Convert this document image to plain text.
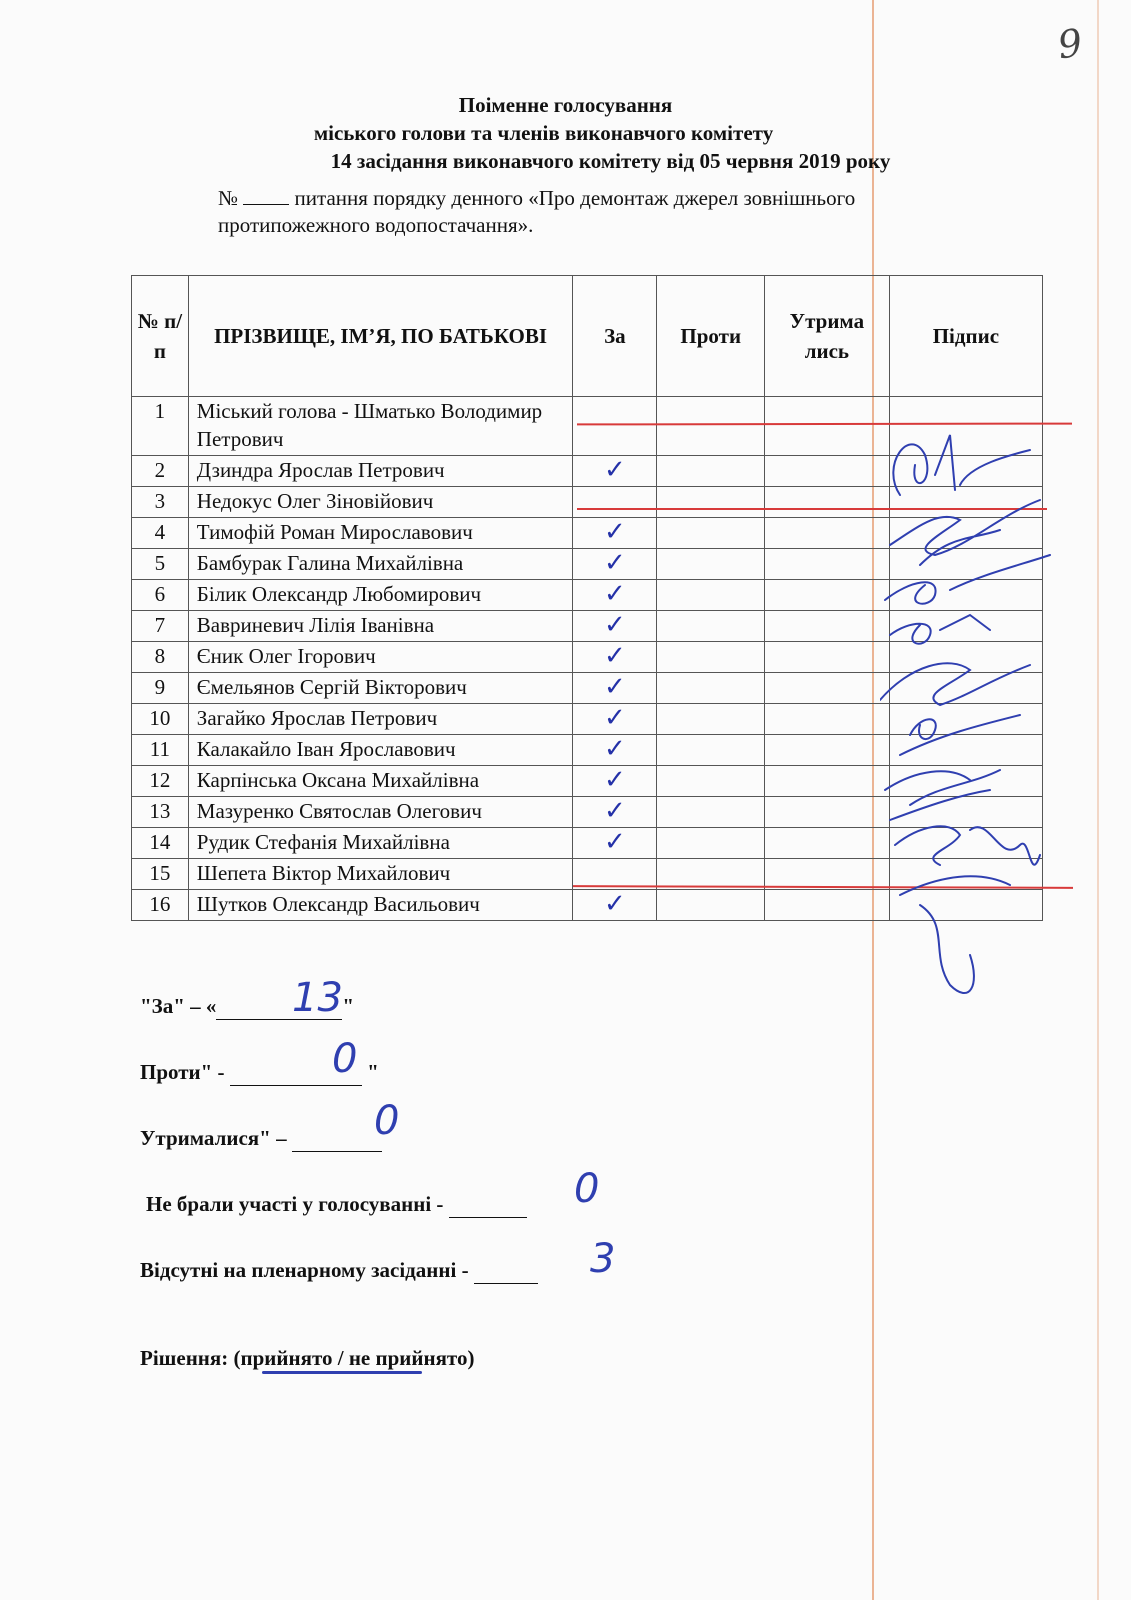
9
Поіменне голосування
міського голови та членів виконавчого комітету
14 засідання виконавчого комітету від 05 червня 2019 року
№	питання порядку денного «Про демонтаж джерел зовнішнього
протипожежного водопостачання».
№ п/п	ПРІЗВИЩЕ, ІМ’Я, ПО БАТЬКОВІ	За	Проти	Утрима лись	Підпис
1	Міський голова - Шматько Володимир Петрович				
2	Дзиндра Ярослав Петрович	✓			
3	Недокус Олег Зіновійович				
4	Тимофій Роман Мирославович	✓			
5	Бамбурак Галина Михайлівна	✓			
6	Білик Олександр Любомирович	✓			
7	Вавриневич Лілія Іванівна	✓			
8	Єник Олег Ігорович	✓			
9	Ємельянов Сергій Вікторович	✓			
10	Загайко Ярослав Петрович	✓			
11	Калакайло Іван Ярославович	✓			
12	Карпінська Оксана Михайлівна	✓			
13	Мазуренко Святослав Олегович	✓			
14	Рудик Стефанія Михайлівна	✓			
15	Шепета Віктор Михайлович				
16	Шутков Олександр Васильович	✓			
"За" – «	"
13
Проти" -	"
0
Утрималися" –	0
Не брали участі у голосуванні -	0
Відсутні на пленарному засіданні -	3
Рішення: (прийнято / не прийнято)
